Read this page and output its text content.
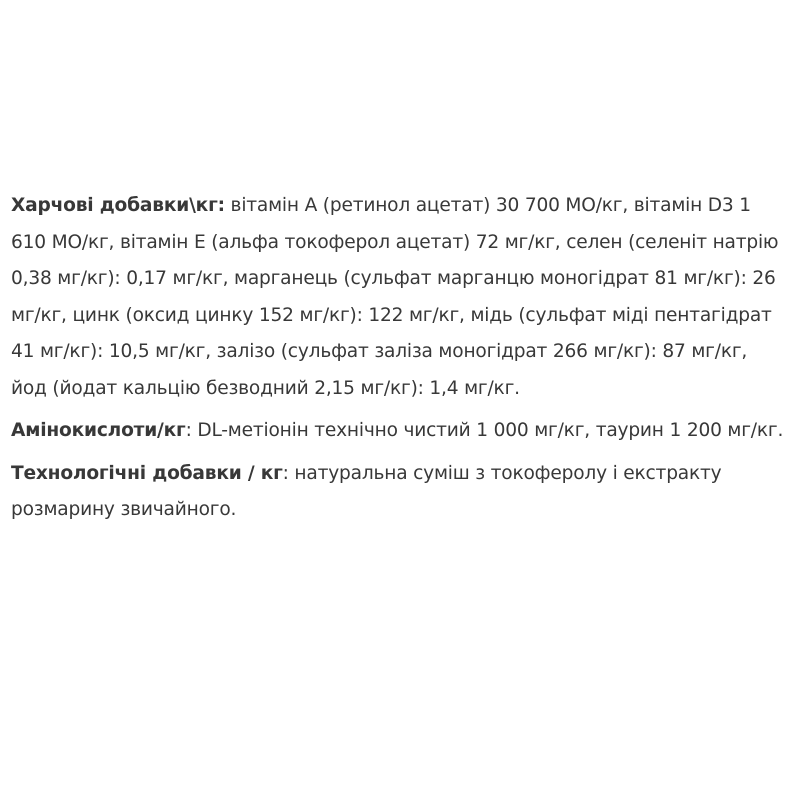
Харчові добавки\кг: вітамін А (ретинол ацетат) 30 700 МО/кг, вітамін D3 1 610 МО/кг, вітамін Е (альфа токоферол ацетат) 72 мг/кг, селен (селеніт натрію 0,38 мг/кг): 0,17 мг/кг, марганець (сульфат марганцю моногідрат 81 мг/кг): 26 мг/кг, цинк (оксид цинку 152 мг/кг): 122 мг/кг, мідь (сульфат міді пентагідрат 41 мг/кг): 10,5 мг/кг, залізо (сульфат заліза моногідрат 266 мг/кг): 87 мг/кг, йод (йодат кальцію безводний 2,15 мг/кг): 1,4 мг/кг.

Амінокислоти/кг: DL-метіонін технічно чистий 1 000 мг/кг, таурин 1 200 мг/кг.

Технологічні добавки / кг: натуральна суміш з токоферолу і екстракту розмарину звичайного.
